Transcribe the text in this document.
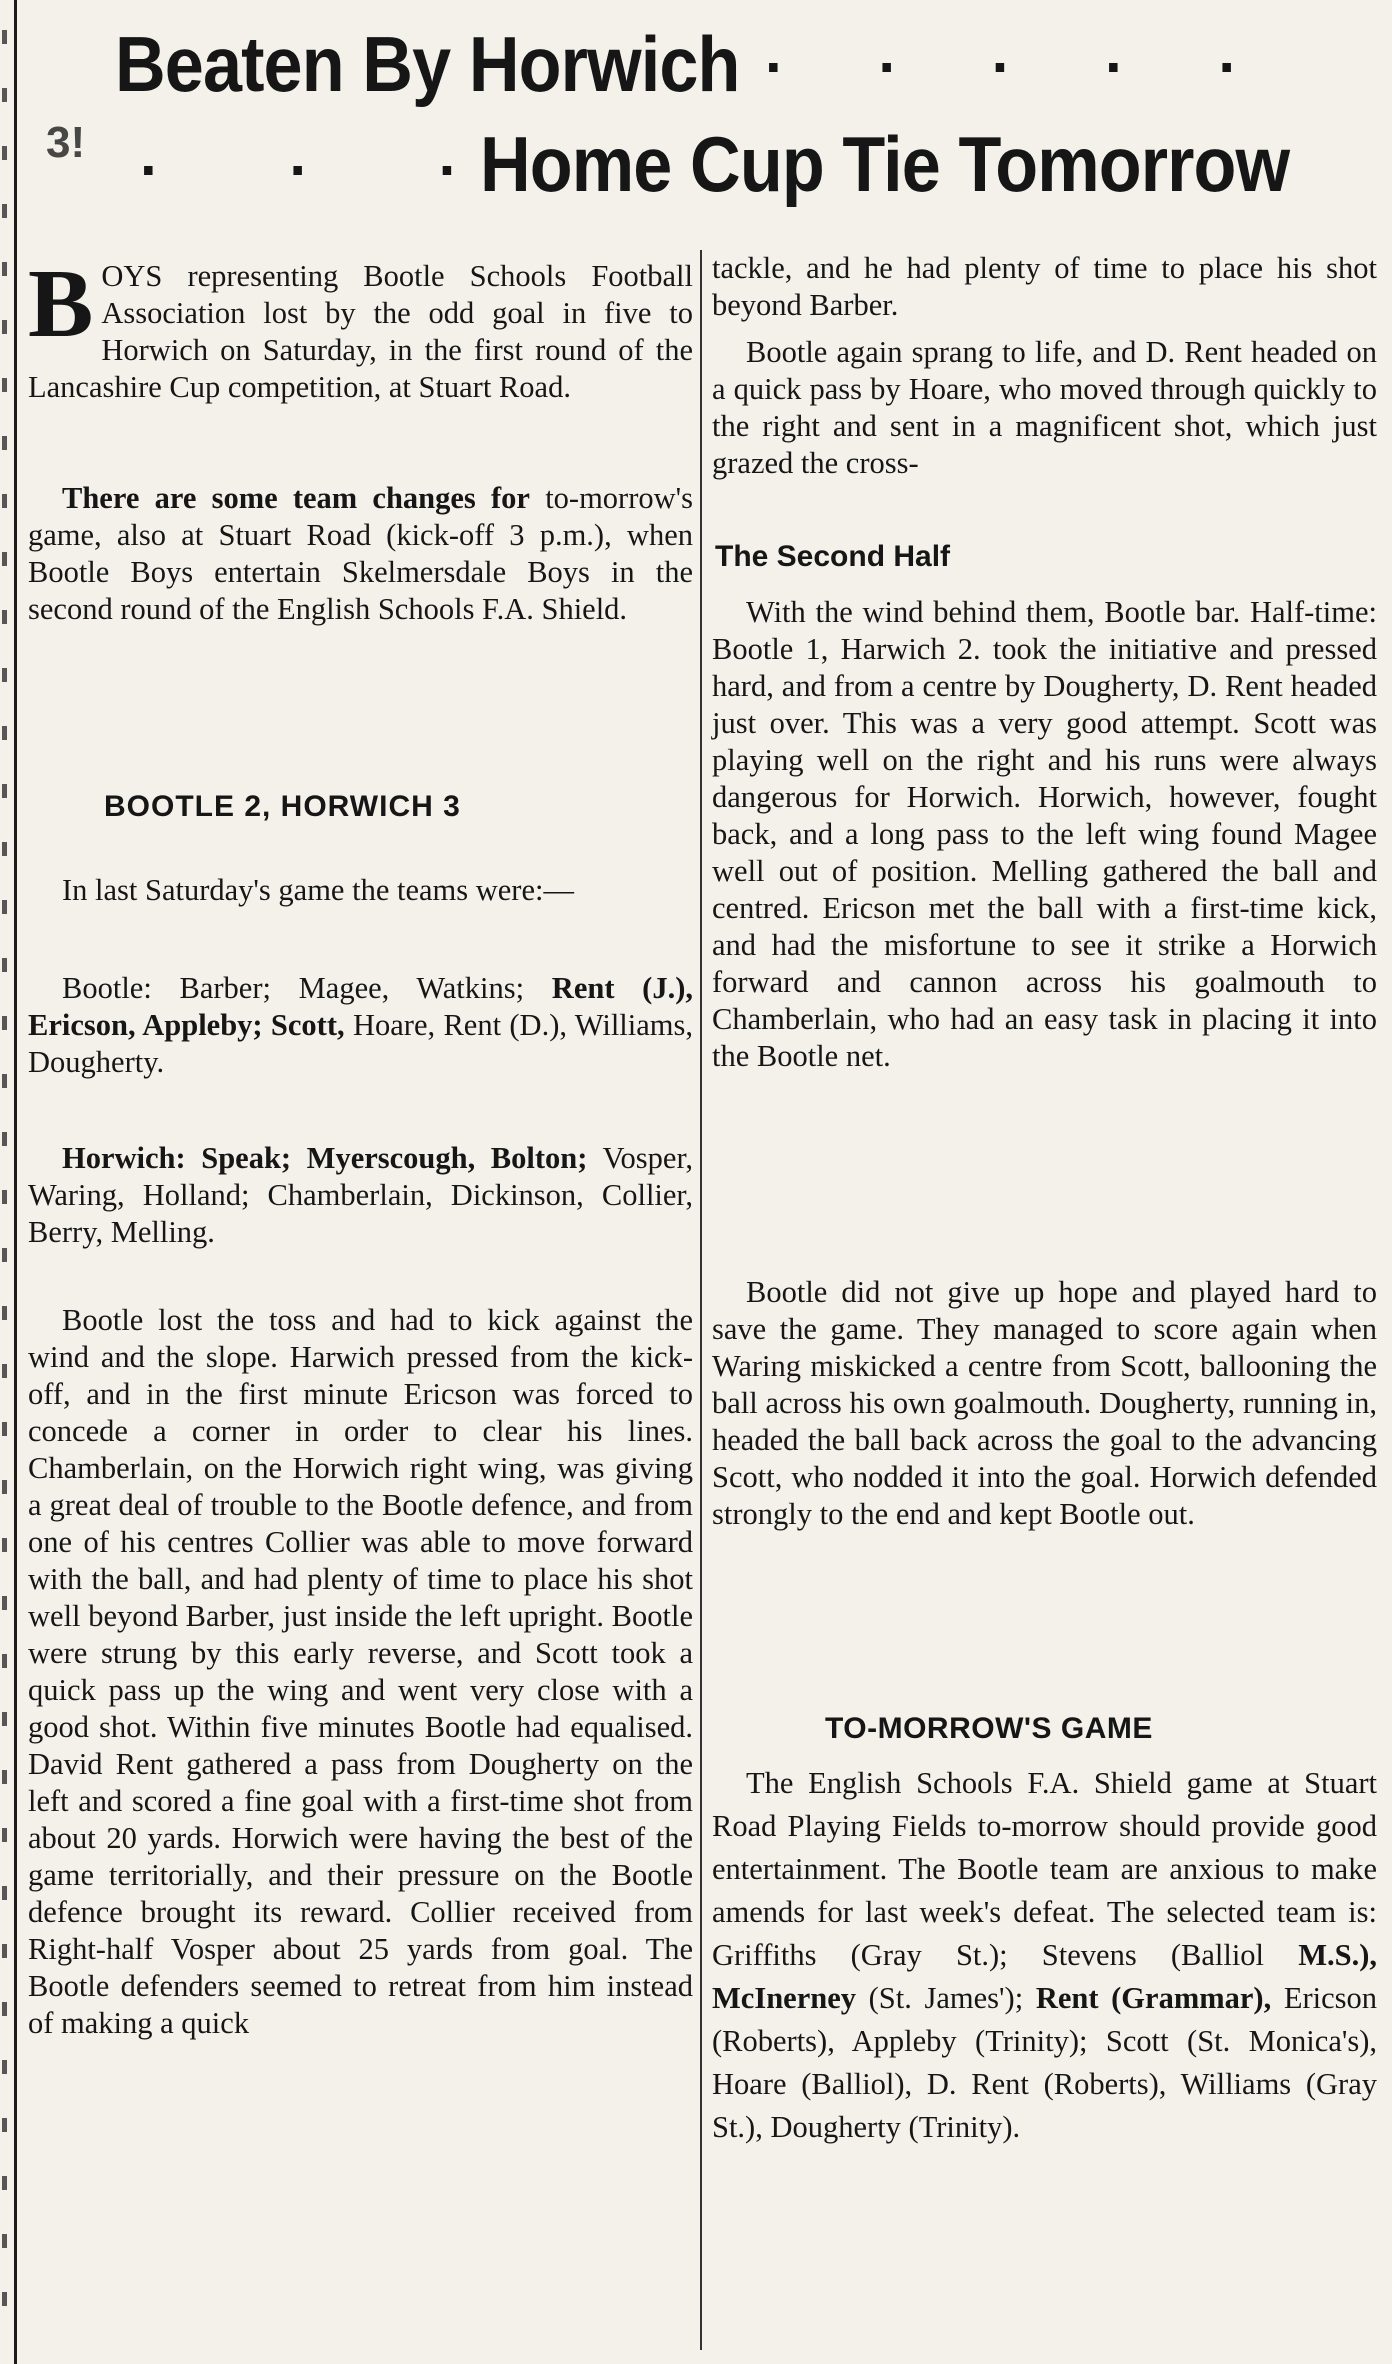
Beaten By Horwich . . . . .
3! . . .
Home Cup Tie Tomorrow
B OYS representing Bootle Schools Football Association lost by the odd goal in five to Horwich on Saturday, in the first round of the Lancashire Cup competition, at Stuart Road.

There are some team changes for to-morrow's game, also at Stuart Road (kick-off 3 p.m.), when Bootle Boys entertain Skelmersdale Boys in the second round of the English Schools F.A. Shield.

BOOTLE 2, HORWICH 3

In last Saturday's game the teams were:—

Bootle: Barber; Magee, Watkins; Rent (J.), Ericson, Appleby; Scott, Hoare, Rent (D.), Williams, Dougherty.

Horwich: Speak; Myerscough, Bolton; Vosper, Waring, Holland; Chamberlain, Dickinson, Collier, Berry, Melling.

Bootle lost the toss and had to kick against the wind and the slope. Harwich pressed from the kick-off, and in the first minute Ericson was forced to concede a corner in order to clear his lines. Chamberlain, on the Horwich right wing, was giving a great deal of trouble to the Bootle defence, and from one of his centres Collier was able to move forward with the ball, and had plenty of time to place his shot well beyond Barber, just inside the left upright. Bootle were strung by this early reverse, and Scott took a quick pass up the wing and went very close with a good shot. Within five minutes Bootle had equalised. David Rent gathered a pass from Dougherty on the left and scored a fine goal with a first-time shot from about 20 yards. Horwich were having the best of the game territorially, and their pressure on the Bootle defence brought its reward. Collier received from Right-half Vosper about 25 yards from goal. The Bootle defenders seemed to retreat from him instead of making a quick

tackle, and he had plenty of time to place his shot beyond Barber.

Bootle again sprang to life, and D. Rent headed on a quick pass by Hoare, who moved through quickly to the right and sent in a magnificent shot, which just grazed the cross-

The Second Half

With the wind behind them, Bootle bar. Half-time: Bootle 1, Harwich 2. took the initiative and pressed hard, and from a centre by Dougherty, D. Rent headed just over. This was a very good attempt. Scott was playing well on the right and his runs were always dangerous for Horwich. Horwich, however, fought back, and a long pass to the left wing found Magee well out of position. Melling gathered the ball and centred. Ericson met the ball with a first-time kick, and had the misfortune to see it strike a Horwich forward and cannon across his goalmouth to Chamberlain, who had an easy task in placing it into the Bootle net.

Bootle did not give up hope and played hard to save the game. They managed to score again when Waring miskicked a centre from Scott, ballooning the ball across his own goalmouth. Dougherty, running in, headed the ball back across the goal to the advancing Scott, who nodded it into the goal. Horwich defended strongly to the end and kept Bootle out.

TO-MORROW'S GAME

The English Schools F.A. Shield game at Stuart Road Playing Fields to-morrow should provide good entertainment. The Bootle team are anxious to make amends for last week's defeat. The selected team is: Griffiths (Gray St.); Stevens (Balliol M.S.), McInerney (St. James'); Rent (Grammar), Ericson (Roberts), Appleby (Trinity); Scott (St. Monica's), Hoare (Balliol), D. Rent (Roberts), Williams (Gray St.), Dougherty (Trinity).
